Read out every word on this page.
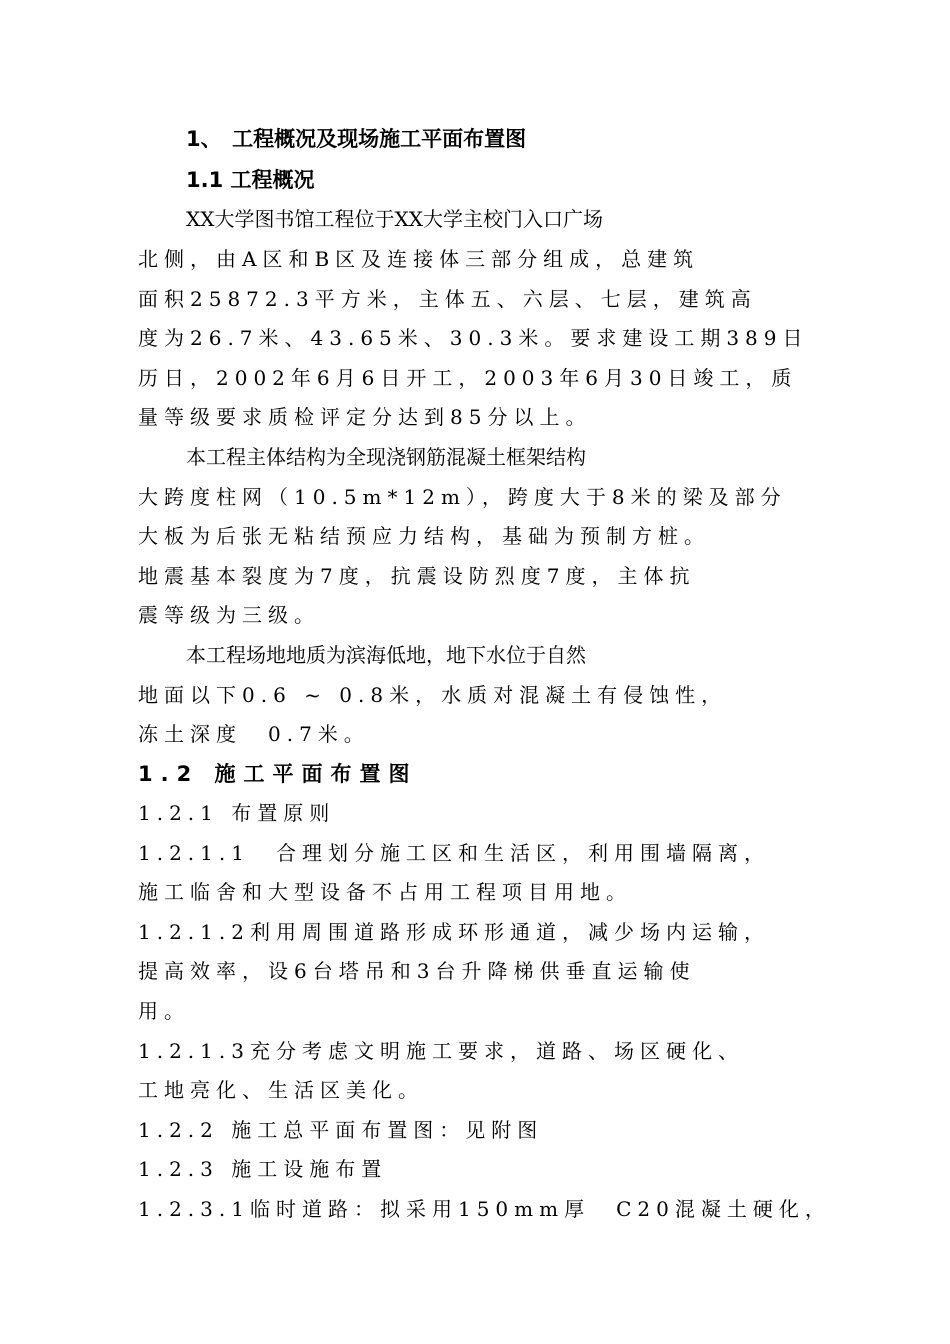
1、　工程概况及现场施工平面布置图
1.1 工程概况
XX大学图书馆工程位于XX大学主校门入口广场
北侧，由A区和B区及连接体三部分组成，总建筑
面积25872.3平方米，主体五、六层、七层，建筑高
度为26.7米、43.65米、30.3米。要求建设工期389日
历日，2002年6月6日开工，2003年6月30日竣工，质
量等级要求质检评定分达到85分以上。
本工程主体结构为全现浇钢筋混凝土框架结构
大跨度柱网（10.5m*12m），跨度大于8米的梁及部分
大板为后张无粘结预应力结构，基础为预制方桩。
地震基本裂度为7度，抗震设防烈度7度，主体抗
震等级为三级。
本工程场地地质为滨海低地，地下水位于自然
地面以下0.6 ~ 0.8米，水质对混凝土有侵蚀性，
冻土深度　0.7米。
1.2 施工平面布置图
1.2.1 布置原则
1.2.1.1　合理划分施工区和生活区，利用围墙隔离，
施工临舍和大型设备不占用工程项目用地。
1.2.1.2利用周围道路形成环形通道，减少场内运输，
提高效率，设6台塔吊和3台升降梯供垂直运输使
用。
1.2.1.3充分考虑文明施工要求，道路、场区硬化、
工地亮化、生活区美化。
1.2.2 施工总平面布置图：见附图
1.2.3 施工设施布置
1.2.3.1临时道路：拟采用150mm厚　C20混凝土硬化，
